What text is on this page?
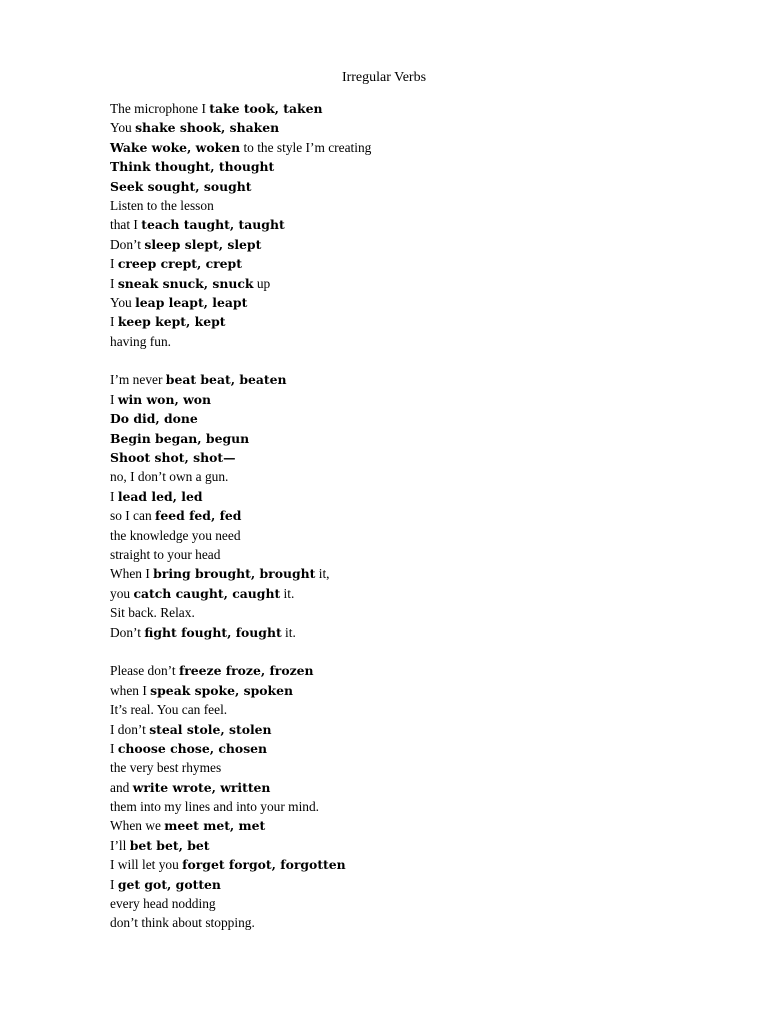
Irregular Verbs
The microphone I take took, taken
You shake shook, shaken
Wake woke, woken to the style I’m creating
Think thought, thought
Seek sought, sought
Listen to the lesson
that I teach taught, taught
Don’t sleep slept, slept
I creep crept, crept
I sneak snuck, snuck up
You leap leapt, leapt
I keep kept, kept
having fun.
I’m never beat beat, beaten
I win won, won
Do did, done
Begin began, begun
Shoot shot, shot—
no, I don’t own a gun.
I lead led, led
so I can feed fed, fed
the knowledge you need
straight to your head
When I bring brought, brought it,
you catch caught, caught it.
Sit back. Relax.
Don’t fight fought, fought it.
Please don’t freeze froze, frozen
when I speak spoke, spoken
It’s real. You can feel.
I don’t steal stole, stolen
I choose chose, chosen
the very best rhymes
and write wrote, written
them into my lines and into your mind.
When we meet met, met
I’ll bet bet, bet
I will let you forget forgot, forgotten
I get got, gotten
every head nodding
don’t think about stopping.
